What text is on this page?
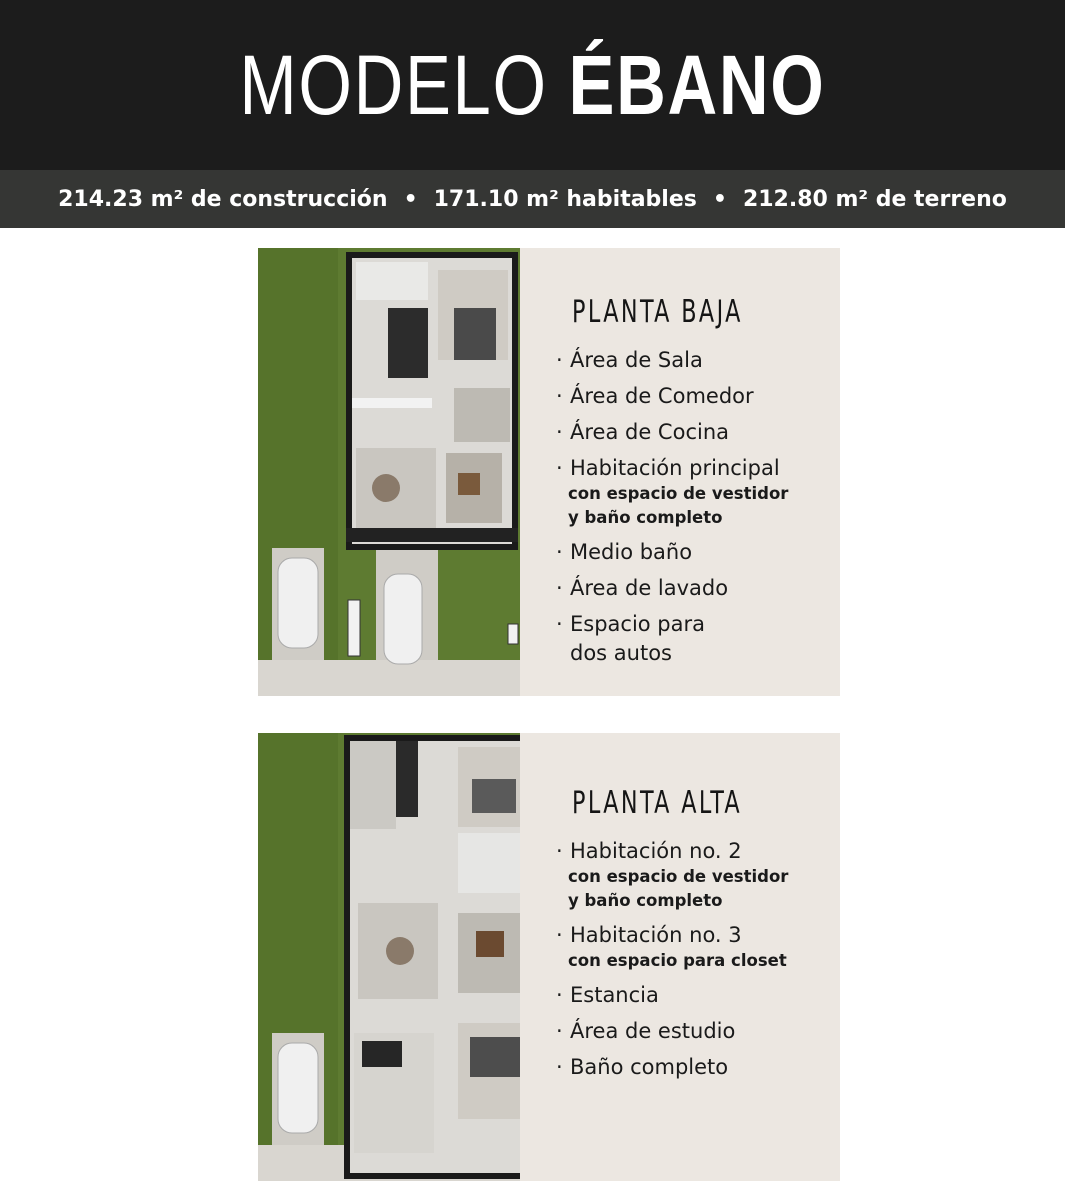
MODELO ÉBANO
214.23 m² de construcción • 171.10 m² habitables • 212.80 m² de terreno
PLANTA BAJA
· Área de Sala
· Área de Comedor
· Área de Cocina
· Habitación principal
con espacio de vestidor
y baño completo
· Medio baño
· Área de lavado
· Espacio para
dos autos
PLANTA ALTA
· Habitación no. 2
con espacio de vestidor
y baño completo
· Habitación no. 3
con espacio para closet
· Estancia
· Área de estudio
· Baño completo
